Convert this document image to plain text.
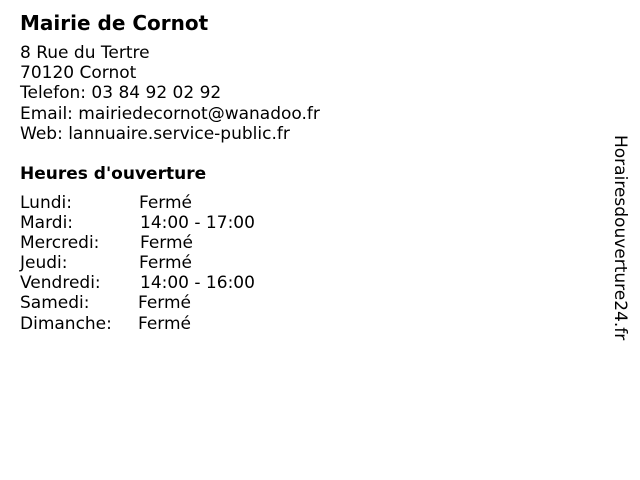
Mairie de Cornot
8 Rue du Tertre
70120 Cornot
Telefon: 03 84 92 02 92
Email: mairiedecornot@wanadoo.fr
Web: lannuaire.service-public.fr
Heures d'ouverture
Lundi:	Fermé
Mardi:	14:00 - 17:00
Mercredi: Fermé
Jeudi:	Fermé
Vendredi: 14:00 - 16:00
Samedi:	Fermé
Dimanche: Fermé	Horairesdouverture24.fr
